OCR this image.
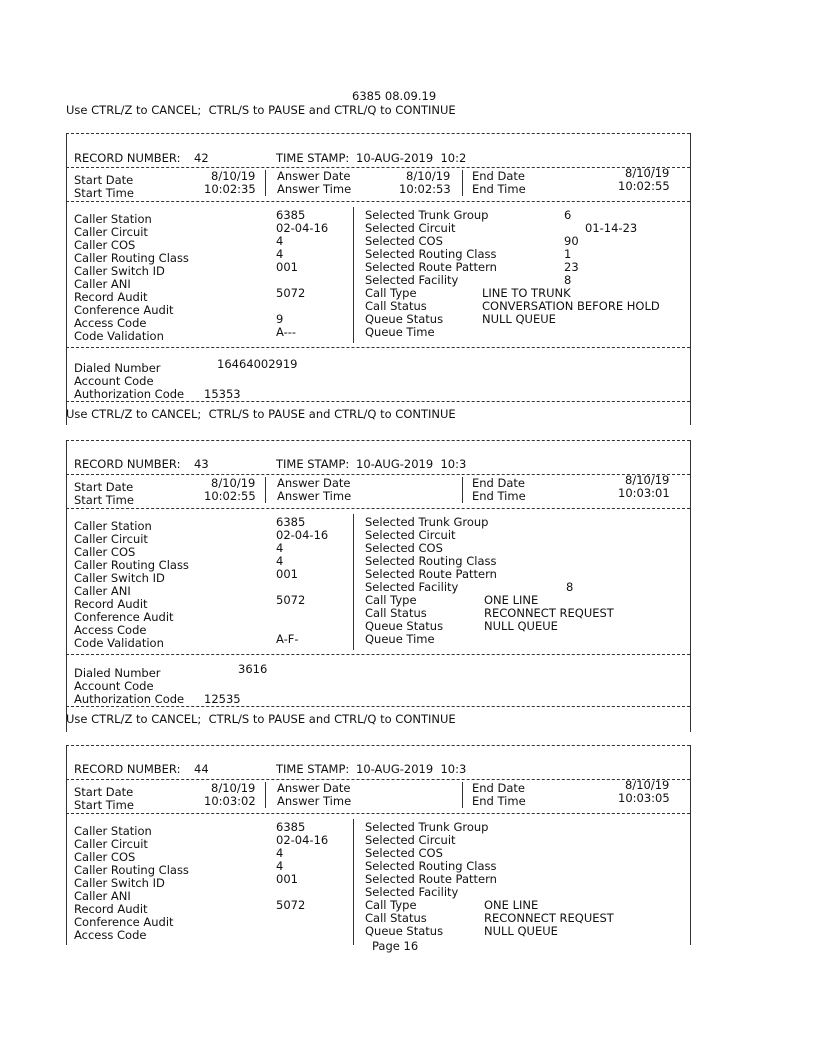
6385 08.09.19
Use CTRL/Z to CANCEL;  CTRL/S to PAUSE and CTRL/Q to CONTINUE
RECORD NUMBER: 42	TIME STAMP: 10-AUG-2019  10:2
Start Date	8/10/19
Start Time	10:02:35
Answer Date	8/10/19
Answer Time	10:02:53
End Date	8/10/19
End Time	10:02:55
Caller Station	6385
Caller Circuit	02-04-16
Caller COS	4
Caller Routing Class	4
Caller Switch ID	001
Caller ANI
Record Audit	5072
Conference Audit
Access Code	9
Code Validation	A---
Selected Trunk Group	6
Selected Circuit	01-14-23
Selected COS	90
Selected Routing Class	1
Selected Route Pattern	23
Selected Facility	8
Call Type	LINE TO TRUNK
Call Status	CONVERSATION BEFORE HOLD
Queue Status	NULL QUEUE
Queue Time
Dialed Number	16464002919
Account Code
Authorization Code 15353
Use CTRL/Z to CANCEL;  CTRL/S to PAUSE and CTRL/Q to CONTINUE
RECORD NUMBER: 43	TIME STAMP: 10-AUG-2019  10:3
Start Date	8/10/19
Start Time	10:02:55
Answer Date
Answer Time
End Date	8/10/19
End Time	10:03:01
Caller Station	6385
Caller Circuit	02-04-16
Caller COS	4
Caller Routing Class	4
Caller Switch ID	001
Caller ANI
Record Audit	5072
Conference Audit
Access Code
Code Validation	A-F-
Selected Trunk Group
Selected Circuit
Selected COS
Selected Routing Class
Selected Route Pattern
Selected Facility	8
Call Type	ONE LINE
Call Status	RECONNECT REQUEST
Queue Status	NULL QUEUE
Queue Time
Dialed Number	3616
Account Code
Authorization Code 12535
Use CTRL/Z to CANCEL;  CTRL/S to PAUSE and CTRL/Q to CONTINUE
RECORD NUMBER: 44	TIME STAMP: 10-AUG-2019  10:3
Start Date	8/10/19
Start Time	10:03:02
Answer Date
Answer Time
End Date	8/10/19
End Time	10:03:05
Caller Station	6385
Caller Circuit	02-04-16
Caller COS	4
Caller Routing Class	4
Caller Switch ID	001
Caller ANI
Record Audit	5072
Conference Audit
Access Code
Selected Trunk Group
Selected Circuit
Selected COS
Selected Routing Class
Selected Route Pattern
Selected Facility
Call Type	ONE LINE
Call Status	RECONNECT REQUEST
Queue Status	NULL QUEUE
Page 16
